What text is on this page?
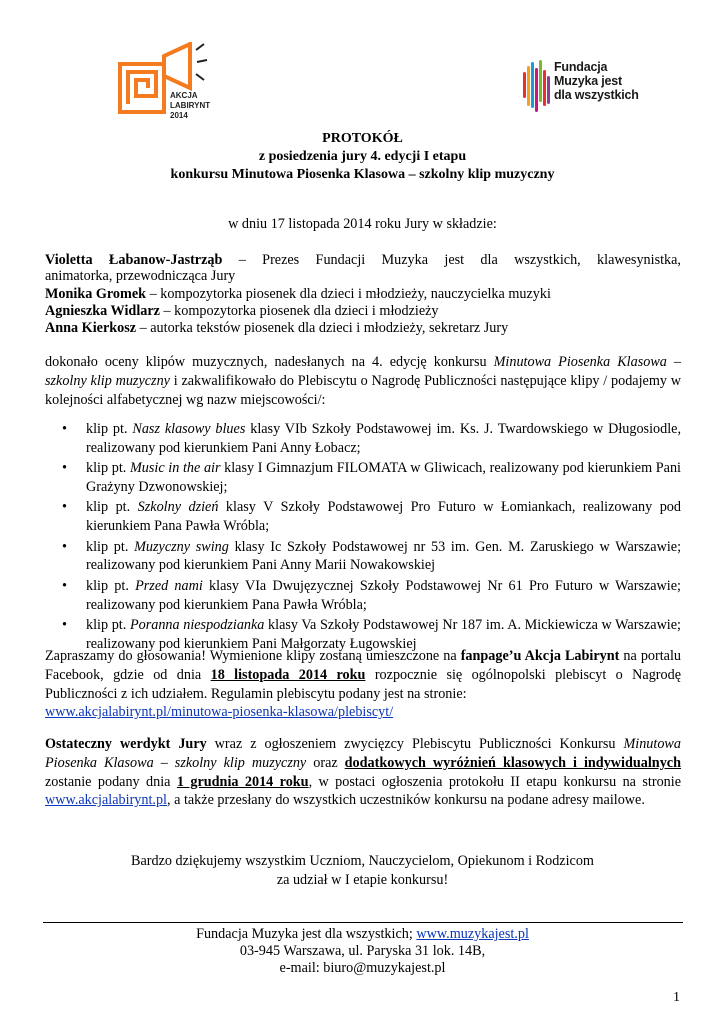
AKCJA
LABIRYNT
2014
Fundacja
Muzyka jest
dla wszystkich
PROTOKÓŁ
z posiedzenia jury 4. edycji I etapu
konkursu Minutowa Piosenka Klasowa – szkolny klip muzyczny
w dniu 17 listopada 2014 roku Jury w składzie:
Violetta Łabanow-Jastrząb – Prezes Fundacji Muzyka jest dla wszystkich, klawesynistka,
animatorka, przewodnicząca Jury
Monika Gromek – kompozytorka piosenek dla dzieci i młodzieży, nauczycielka muzyki
Agnieszka Widlarz – kompozytorka piosenek dla dzieci i młodzieży
Anna Kierkosz – autorka tekstów piosenek dla dzieci i młodzieży, sekretarz Jury
dokonało oceny klipów muzycznych, nadesłanych na 4. edycję konkursu Minutowa Piosenka Klasowa – szkolny klip muzyczny i zakwalifikowało do Plebiscytu o Nagrodę Publiczności następujące klipy / podajemy w kolejności alfabetycznej wg nazw miejscowości/:
• klip pt. Nasz klasowy blues klasy VIb Szkoły Podstawowej im. Ks. J. Twardowskiego w Długosiodle, realizowany pod kierunkiem Pani Anny Łobacz;
• klip pt. Music in the air klasy I Gimnazjum FILOMATA w Gliwicach, realizowany pod kierunkiem Pani Grażyny Dzwonowskiej;
• klip pt. Szkolny dzień klasy V Szkoły Podstawowej Pro Futuro w Łomiankach, realizowany pod kierunkiem Pana Pawła Wróbla;
• klip pt. Muzyczny swing klasy Ic Szkoły Podstawowej nr 53 im. Gen. M. Zaruskiego w Warszawie; realizowany pod kierunkiem Pani Anny Marii Nowakowskiej
• klip pt. Przed nami klasy VIa Dwujęzycznej Szkoły Podstawowej Nr 61 Pro Futuro w Warszawie; realizowany pod kierunkiem Pana Pawła Wróbla;
• klip pt. Poranna niespodzianka klasy Va Szkoły Podstawowej Nr 187 im. A. Mickiewicza w Warszawie; realizowany pod kierunkiem Pani Małgorzaty Ługowskiej
Zapraszamy do głosowania! Wymienione klipy zostaną umieszczone na fanpage’u Akcja Labirynt na portalu Facebook, gdzie od dnia 18 listopada 2014 roku rozpocznie się ogólnopolski plebiscyt o Nagrodę Publiczności z ich udziałem. Regulamin plebiscytu podany jest na stronie:
www.akcjalabirynt.pl/minutowa-piosenka-klasowa/plebiscyt/
Ostateczny werdykt Jury wraz z ogłoszeniem zwycięzcy Plebiscytu Publiczności Konkursu Minutowa Piosenka Klasowa – szkolny klip muzyczny oraz dodatkowych wyróżnień klasowych i indywidualnych zostanie podany dnia 1 grudnia 2014 roku, w postaci ogłoszenia protokołu II etapu konkursu na stronie www.akcjalabirynt.pl, a także przesłany do wszystkich uczestników konkursu na podane adresy mailowe.
Bardzo dziękujemy wszystkim Uczniom, Nauczycielom, Opiekunom i Rodzicom
za udział w I etapie konkursu!
Fundacja Muzyka jest dla wszystkich; www.muzykajest.pl
03-945 Warszawa, ul. Paryska 31 lok. 14B,
e-mail: biuro@muzykajest.pl
1
